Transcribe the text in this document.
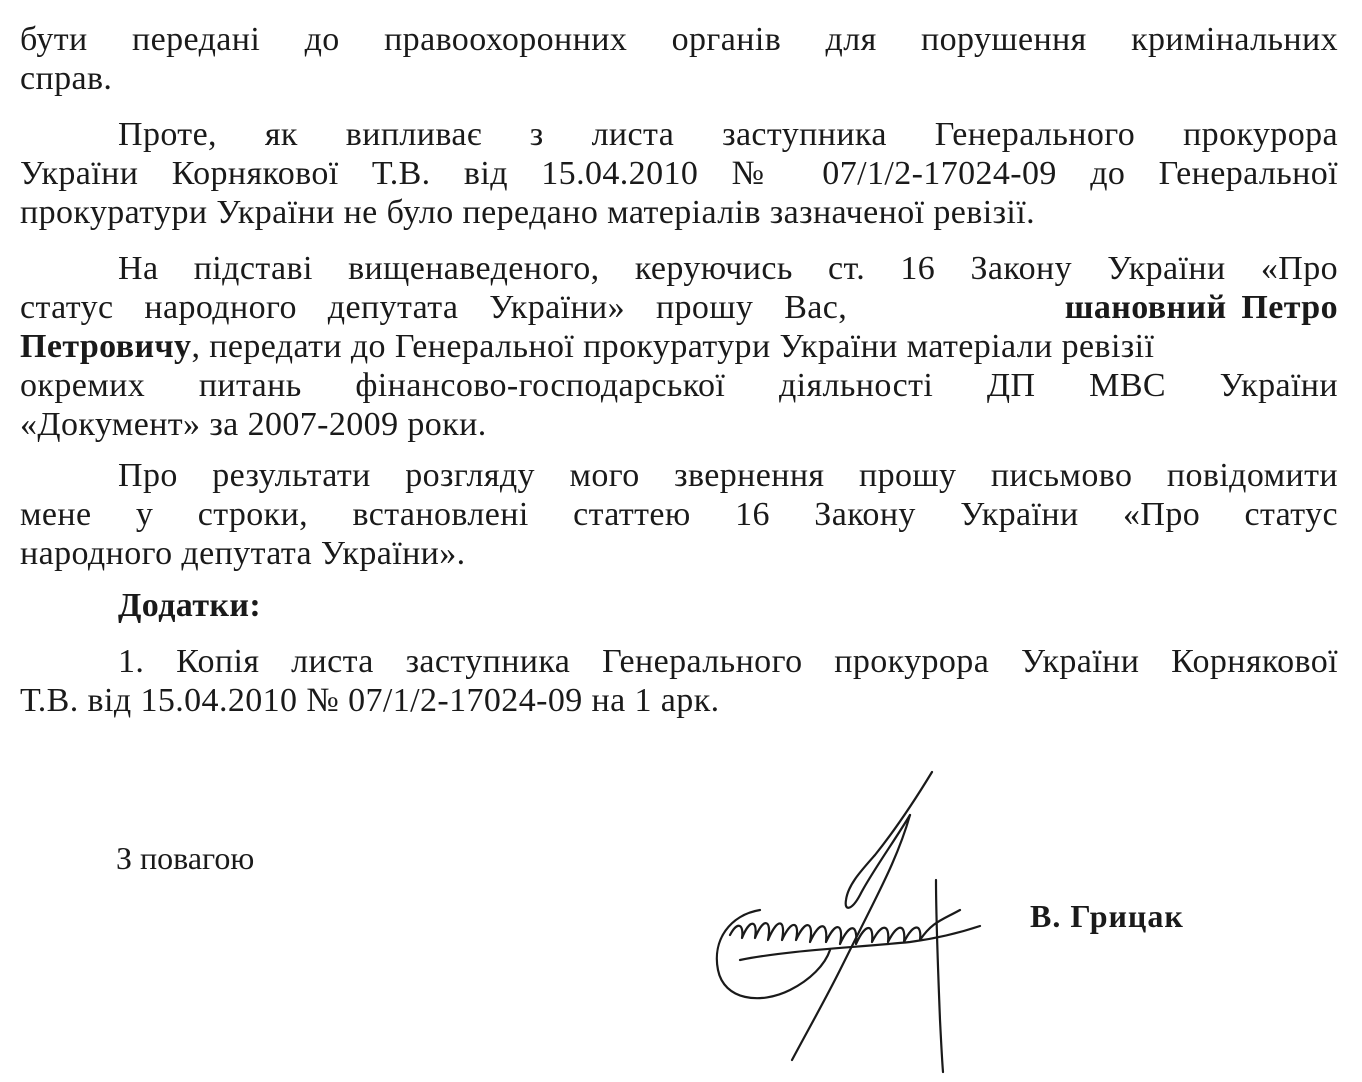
бути передані до правоохоронних органів для порушення кримінальних
справ.
Проте, як випливає з листа заступника Генерального прокурора
України Корнякової Т.В. від 15.04.2010 № 07/1/2-17024-09 до Генеральної
прокуратури України не було передано матеріалів зазначеної ревізії.
На підставі вищенаведеного, керуючись ст. 16 Закону України «Про
статус народного депутата України» прошу Вас,	шановний Петро
Петровичу, передати до Генеральної прокуратури України матеріали ревізії
окремих питань фінансово-господарської діяльності ДП МВС України
«Документ» за 2007-2009 роки.
Про результати розгляду мого звернення прошу письмово повідомити
мене у строки, встановлені статтею 16 Закону України «Про статус
народного депутата України».
Додатки:
1. Копія листа заступника Генерального прокурора України Корнякової
Т.В. від 15.04.2010 № 07/1/2-17024-09 на 1 арк.
З повагою
В. Грицак
